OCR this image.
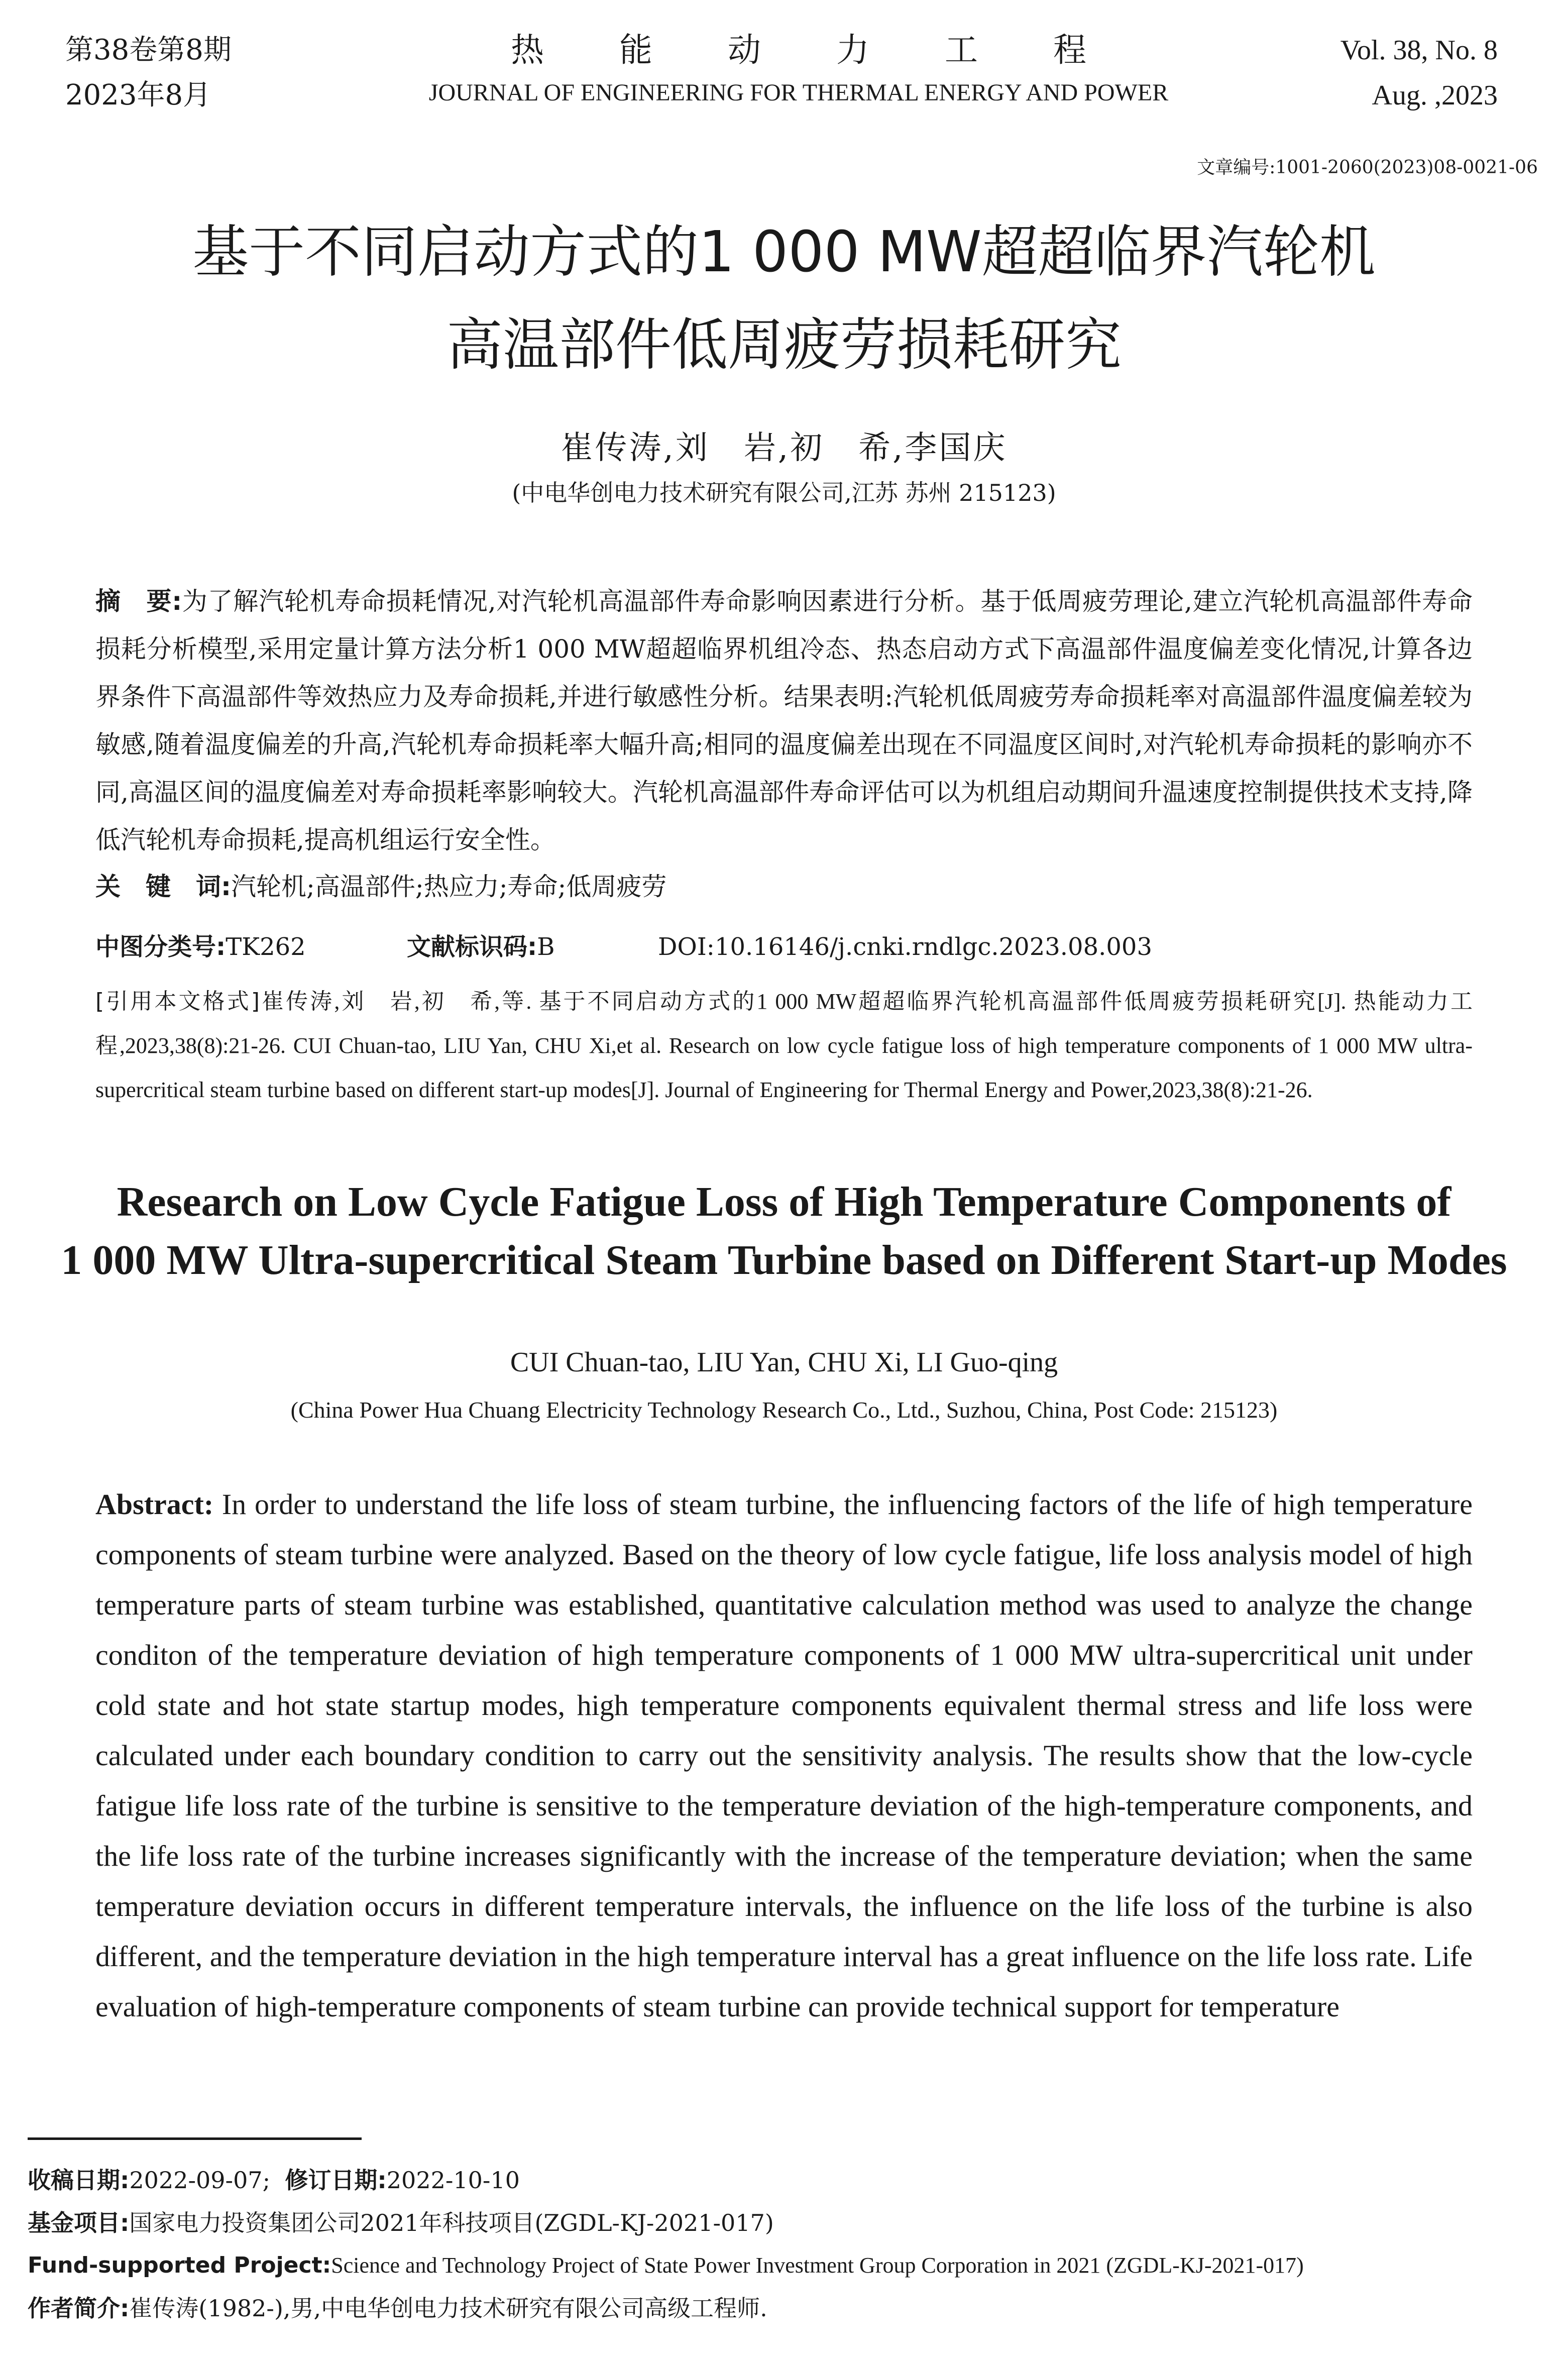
第38卷第8期
2023年8月
热能动力工程
JOURNAL OF ENGINEERING FOR THERMAL ENERGY AND POWER
Vol. 38, No. 8
Aug. ,2023
文章编号:1001-2060(2023)08-0021-06
基于不同启动方式的1 000 MW超超临界汽轮机
高温部件低周疲劳损耗研究
崔传涛,刘　岩,初　希,李国庆
(中电华创电力技术研究有限公司,江苏 苏州 215123)
摘　要:为了解汽轮机寿命损耗情况,对汽轮机高温部件寿命影响因素进行分析。基于低周疲劳理论,建立汽轮机高温部件寿命损耗分析模型,采用定量计算方法分析1 000 MW超超临界机组冷态、热态启动方式下高温部件温度偏差变化情况,计算各边界条件下高温部件等效热应力及寿命损耗,并进行敏感性分析。结果表明:汽轮机低周疲劳寿命损耗率对高温部件温度偏差较为敏感,随着温度偏差的升高,汽轮机寿命损耗率大幅升高;相同的温度偏差出现在不同温度区间时,对汽轮机寿命损耗的影响亦不同,高温区间的温度偏差对寿命损耗率影响较大。汽轮机高温部件寿命评估可以为机组启动期间升温速度控制提供技术支持,降低汽轮机寿命损耗,提高机组运行安全性。
关　键　词:汽轮机;高温部件;热应力;寿命;低周疲劳
中图分类号:TK262	文献标识码:B	DOI:10.16146/j.cnki.rndlgc.2023.08.003
[引用本文格式]崔传涛,刘　岩,初　希,等. 基于不同启动方式的1 000 MW超超临界汽轮机高温部件低周疲劳损耗研究[J]. 热能动力工程,2023,38(8):21-26. CUI Chuan-tao, LIU Yan, CHU Xi,et al. Research on low cycle fatigue loss of high temperature components of 1 000 MW ultra-supercritical steam turbine based on different start-up modes[J]. Journal of Engineering for Thermal Energy and Power,2023,38(8):21-26.
Research on Low Cycle Fatigue Loss of High Temperature Components of
1 000 MW Ultra-supercritical Steam Turbine based on Different Start-up Modes
CUI Chuan-tao, LIU Yan, CHU Xi, LI Guo-qing
(China Power Hua Chuang Electricity Technology Research Co., Ltd., Suzhou, China, Post Code: 215123)
Abstract: In order to understand the life loss of steam turbine, the influencing factors of the life of high temperature components of steam turbine were analyzed. Based on the theory of low cycle fatigue, life loss analysis model of high temperature parts of steam turbine was established, quantitative calculation method was used to analyze the change conditon of the temperature deviation of high temperature components of 1 000 MW ultra-supercritical unit under cold state and hot state startup modes, high temperature components equivalent thermal stress and life loss were calculated under each boundary condition to carry out the sensitivity analysis. The results show that the low-cycle fatigue life loss rate of the turbine is sensitive to the temperature deviation of the high-temperature components, and the life loss rate of the turbine increases significantly with the increase of the temperature deviation; when the same temperature deviation occurs in different temperature intervals, the influence on the life loss of the turbine is also different, and the temperature deviation in the high temperature interval has a great influence on the life loss rate. Life evaluation of high-temperature components of steam turbine can provide technical support for temperature
收稿日期:2022-09-07; 修订日期:2022-10-10
基金项目:国家电力投资集团公司2021年科技项目(ZGDL-KJ-2021-017)
Fund-supported Project:Science and Technology Project of State Power Investment Group Corporation in 2021 (ZGDL-KJ-2021-017)
作者简介:崔传涛(1982-),男,中电华创电力技术研究有限公司高级工程师.
